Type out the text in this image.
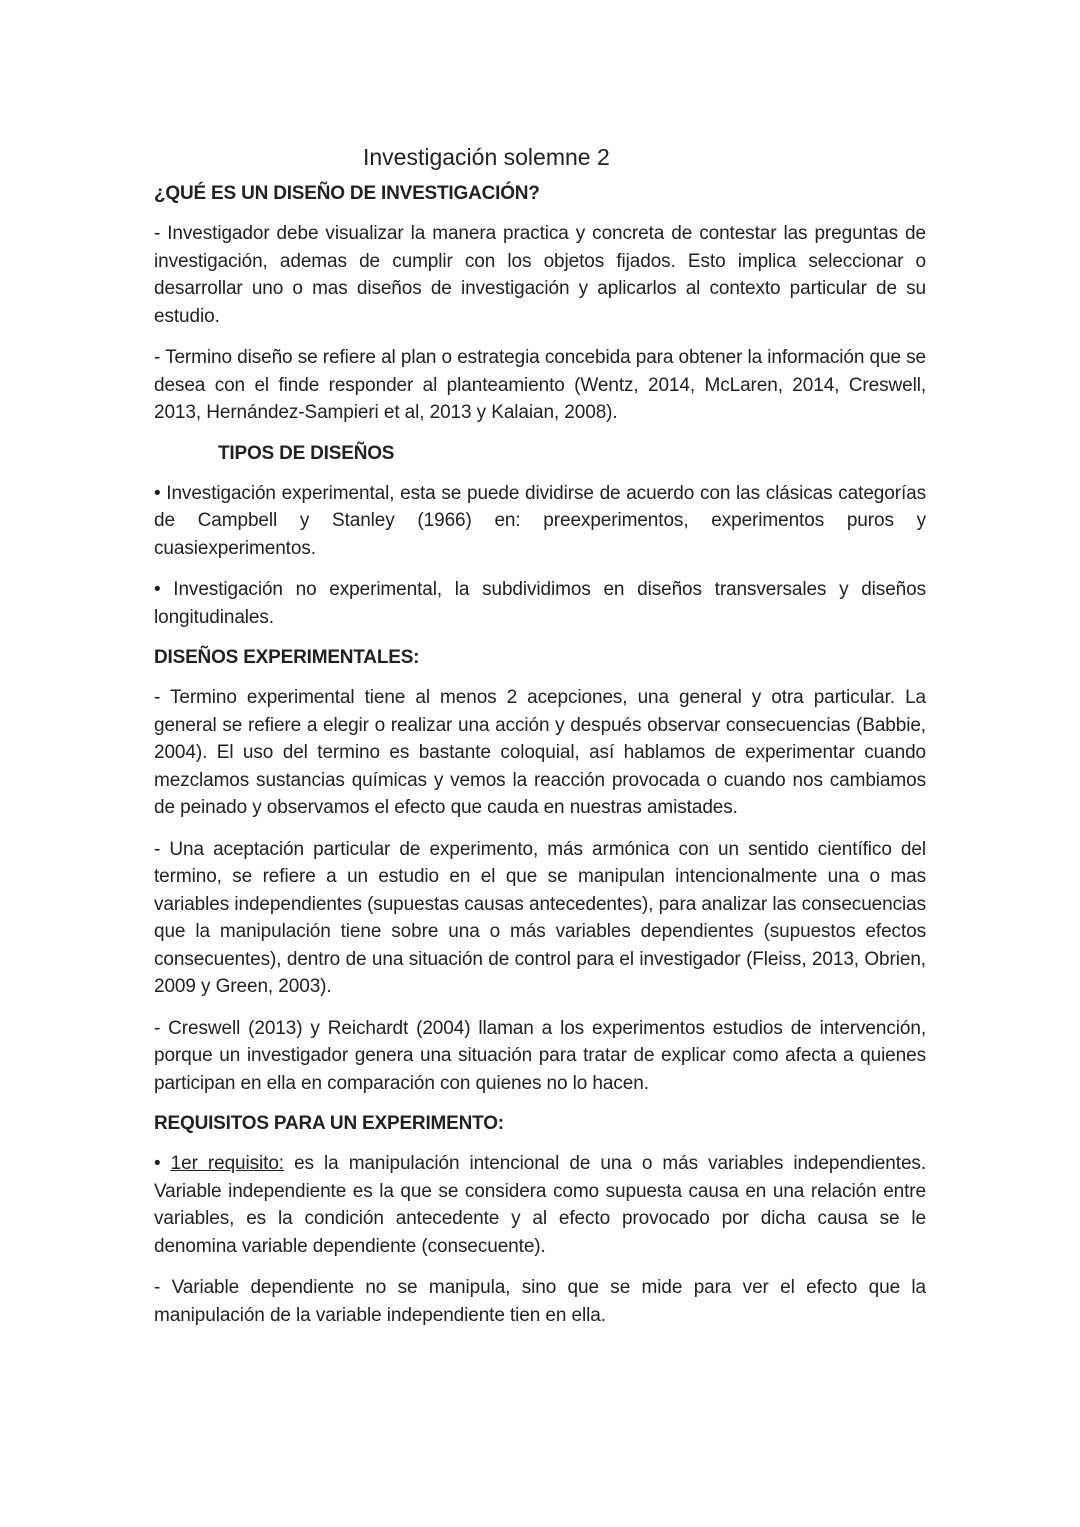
Investigación solemne 2
¿QUÉ ES UN DISEÑO DE INVESTIGACIÓN?

- Investigador debe visualizar la manera practica y concreta de contestar las preguntas de investigación, ademas de cumplir con los objetos fijados. Esto implica seleccionar o desarrollar uno o mas diseños de investigación y aplicarlos al contexto particular de su estudio.

- Termino diseño se refiere al plan o estrategia concebida para obtener la información que se desea con el finde responder al planteamiento (Wentz, 2014, McLaren, 2014, Creswell, 2013, Hernández-Sampieri et al, 2013 y Kalaian, 2008).

TIPOS DE DISEÑOS

• Investigación experimental, esta se puede dividirse de acuerdo con las clásicas categorías de Campbell y Stanley (1966) en: preexperimentos, experimentos puros y cuasiexperimentos.

• Investigación no experimental, la subdividimos en diseños transversales y diseños longitudinales.

DISEÑOS EXPERIMENTALES:

- Termino experimental tiene al menos 2 acepciones, una general y otra particular. La general se refiere a elegir o realizar una acción y después observar consecuencias (Babbie, 2004). El uso del termino es bastante coloquial, así hablamos de experimentar cuando mezclamos sustancias químicas y vemos la reacción provocada o cuando nos cambiamos de peinado y observamos el efecto que cauda en nuestras amistades.

- Una aceptación particular de experimento, más armónica con un sentido científico del termino, se refiere a un estudio en el que se manipulan intencionalmente una o mas variables independientes (supuestas causas antecedentes), para analizar las consecuencias que la manipulación tiene sobre una o más variables dependientes (supuestos efectos consecuentes), dentro de una situación de control para el investigador (Fleiss, 2013, Obrien, 2009 y Green, 2003).

- Creswell (2013) y Reichardt (2004) llaman a los experimentos estudios de intervención, porque un investigador genera una situación para tratar de explicar como afecta a quienes participan en ella en comparación con quienes no lo hacen.

REQUISITOS PARA UN EXPERIMENTO:

• 1er requisito: es la manipulación intencional de una o más variables independientes. Variable independiente es la que se considera como supuesta causa en una relación entre variables, es la condición antecedente y al efecto provocado por dicha causa se le denomina variable dependiente (consecuente).

- Variable dependiente no se manipula, sino que se mide para ver el efecto que la manipulación de la variable independiente tien en ella.
